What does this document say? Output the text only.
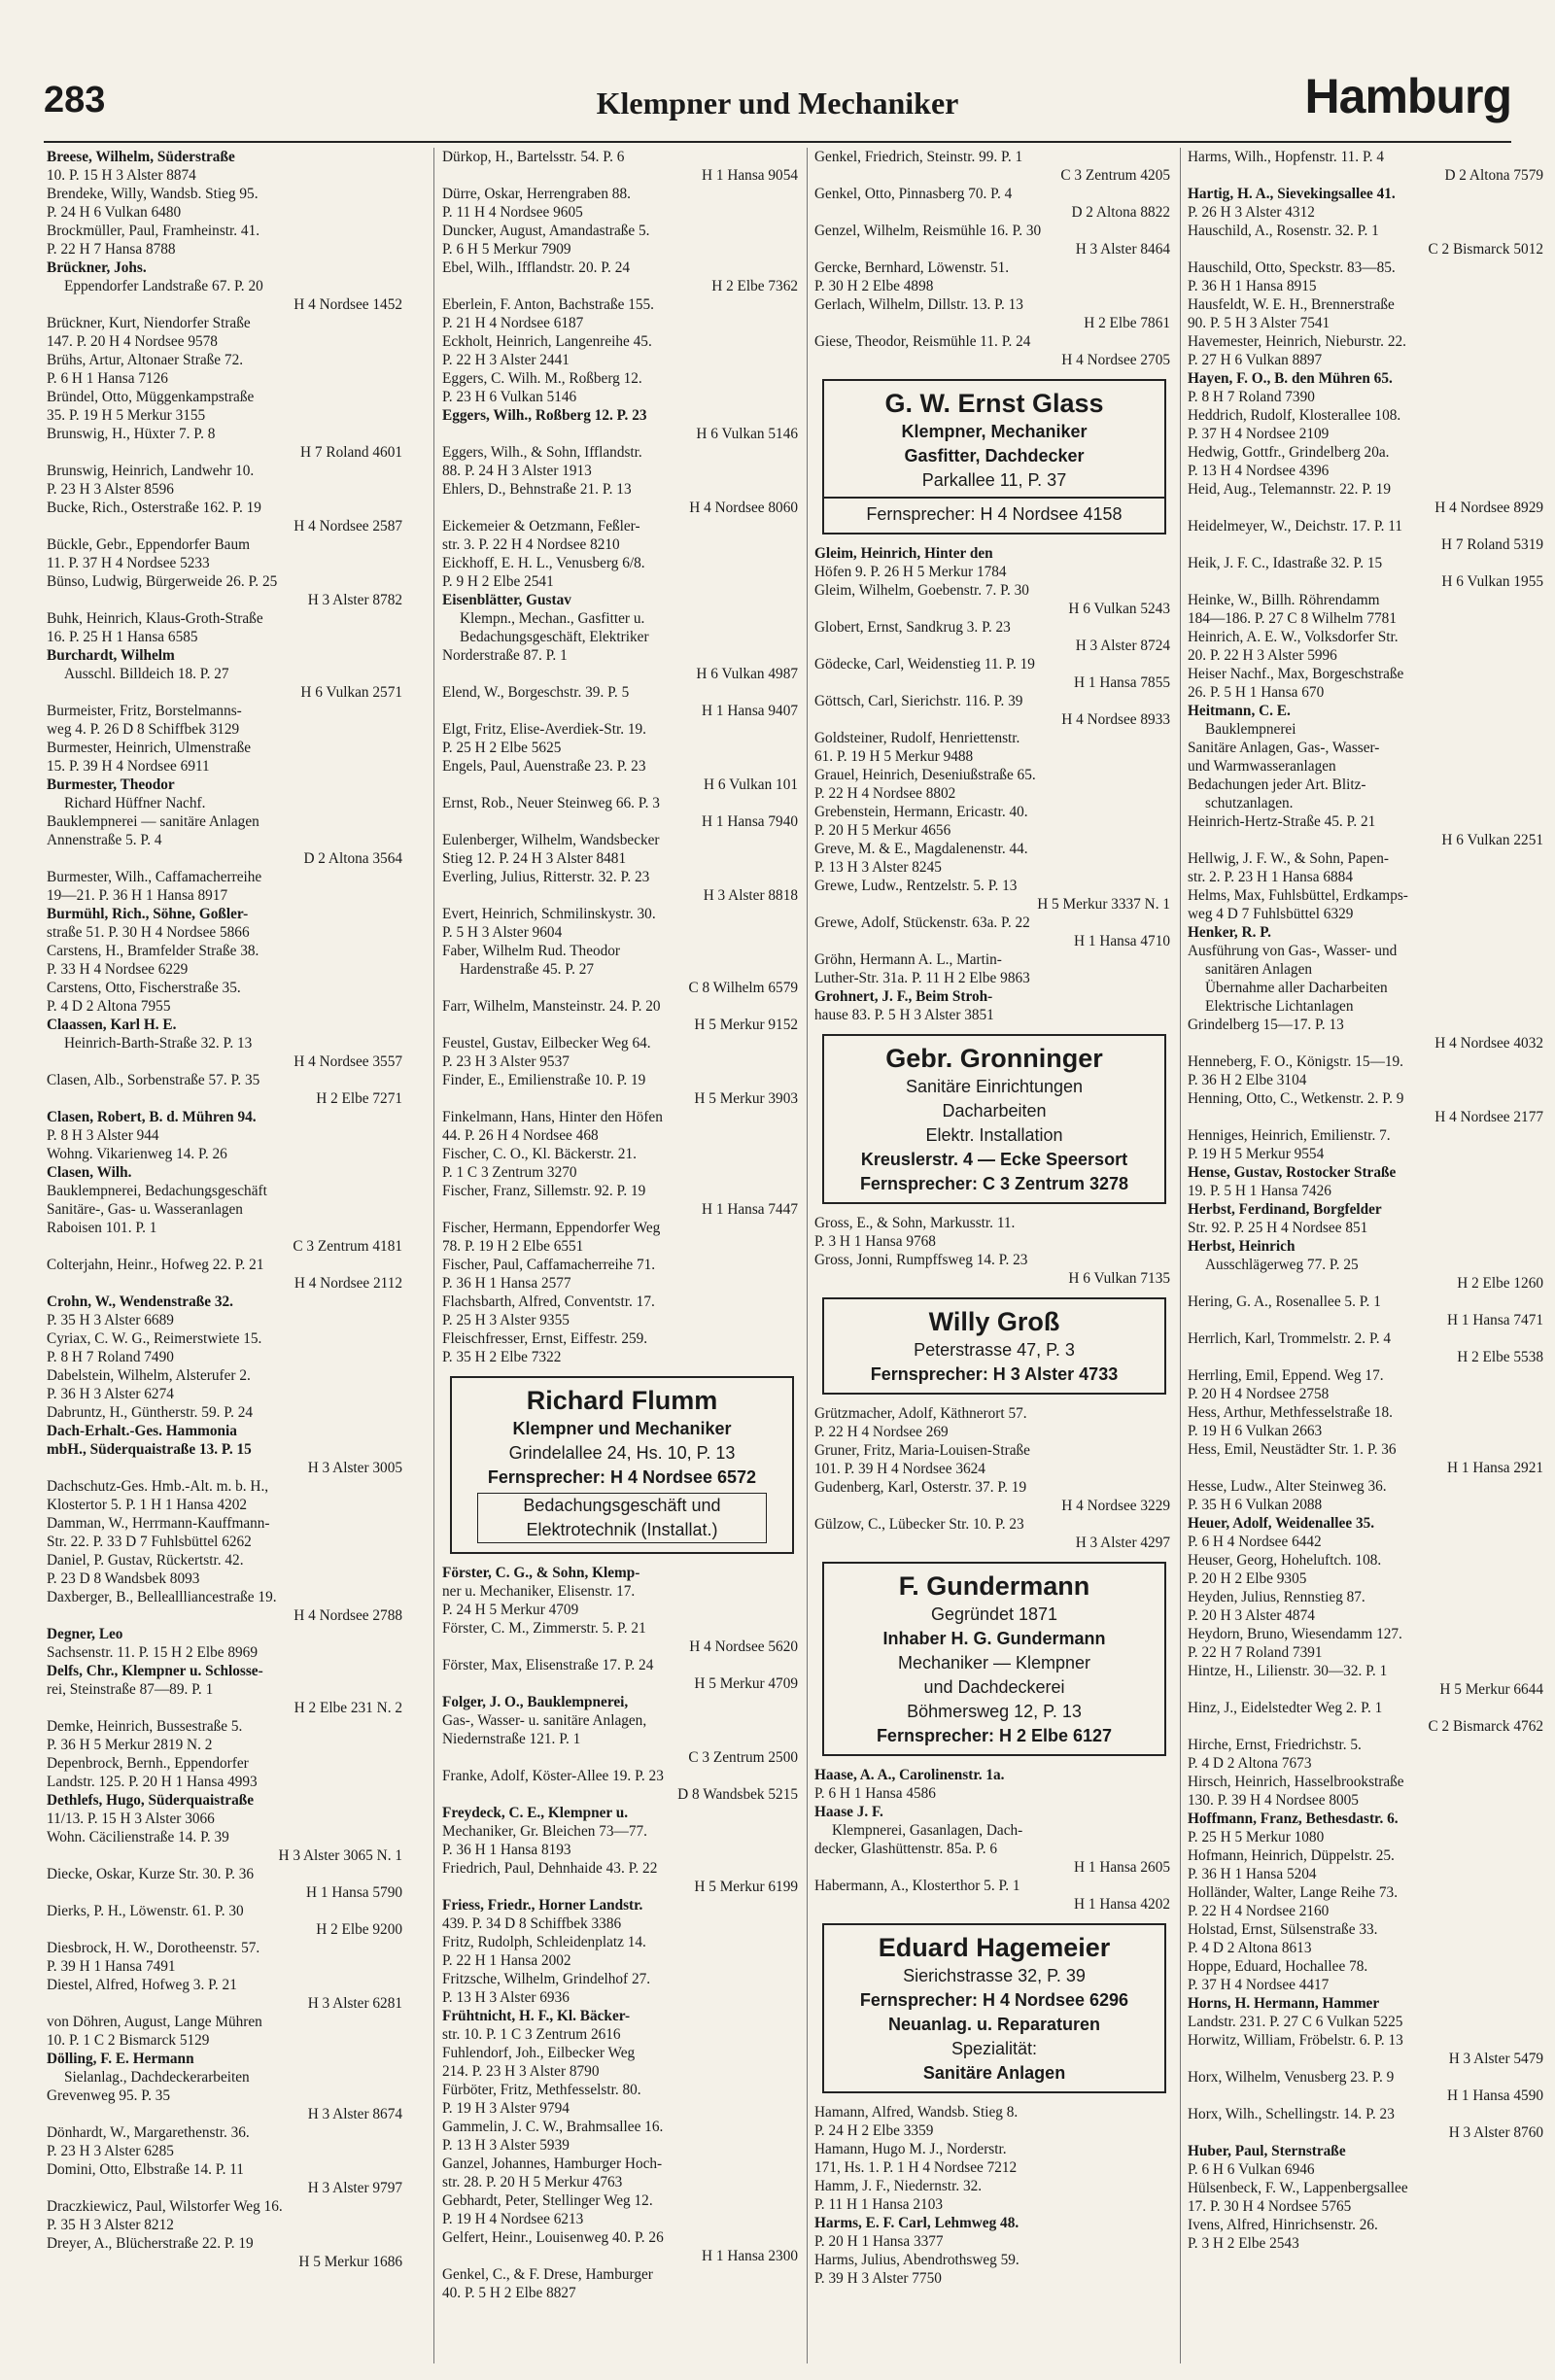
283	Klempner und Mechaniker	Hamburg
Breese, Wilhelm, Süderstraße
10. P. 15 H 3 Alster 8874
Brendeke, Willy, Wandsb. Stieg 95.
P. 24 H 6 Vulkan 6480
Brockmüller, Paul, Framheinstr. 41.
P. 22 H 7 Hansa 8788
Brückner, Johs.
Eppendorfer Landstraße 67. P. 20
H 4 Nordsee 1452
Brückner, Kurt, Niendorfer Straße
147. P. 20 H 4 Nordsee 9578
Brühs, Artur, Altonaer Straße 72.
P. 6 H 1 Hansa 7126
Bründel, Otto, Müggenkampstraße
35. P. 19 H 5 Merkur 3155
Brunswig, H., Hüxter 7. P. 8
H 7 Roland 4601
Brunswig, Heinrich, Landwehr 10.
P. 23 H 3 Alster 8596
Bucke, Rich., Osterstraße 162. P. 19
H 4 Nordsee 2587
Bückle, Gebr., Eppendorfer Baum
11. P. 37 H 4 Nordsee 5233
Bünso, Ludwig, Bürgerweide 26. P. 25
H 3 Alster 8782
Buhk, Heinrich, Klaus-Groth-Straße
16. P. 25 H 1 Hansa 6585
Burchardt, Wilhelm
Ausschl. Billdeich 18. P. 27
H 6 Vulkan 2571
Burmeister, Fritz, Borstelmanns-
weg 4. P. 26 D 8 Schiffbek 3129
Burmester, Heinrich, Ulmenstraße
15. P. 39 H 4 Nordsee 6911
Burmester, Theodor
Richard Hüffner Nachf.
Bauklempnerei — sanitäre Anlagen
Annenstraße 5. P. 4
D 2 Altona 3564
Burmester, Wilh., Caffamacherreihe
19—21. P. 36 H 1 Hansa 8917
Burmühl, Rich., Söhne, Goßler-
straße 51. P. 30 H 4 Nordsee 5866
Carstens, H., Bramfelder Straße 38.
P. 33 H 4 Nordsee 6229
Carstens, Otto, Fischerstraße 35.
P. 4 D 2 Altona 7955
Claassen, Karl H. E.
Heinrich-Barth-Straße 32. P. 13
H 4 Nordsee 3557
Clasen, Alb., Sorbenstraße 57. P. 35
H 2 Elbe 7271
Clasen, Robert, B. d. Mühren 94.
P. 8 H 3 Alster 944
Wohng. Vikarienweg 14. P. 26
Clasen, Wilh.
Bauklempnerei, Bedachungsgeschäft
Sanitäre-, Gas- u. Wasseranlagen
Raboisen 101. P. 1
C 3 Zentrum 4181
Colterjahn, Heinr., Hofweg 22. P. 21
H 4 Nordsee 2112
Crohn, W., Wendenstraße 32.
P. 35 H 3 Alster 6689
Cyriax, C. W. G., Reimerstwiete 15.
P. 8 H 7 Roland 7490
Dabelstein, Wilhelm, Alsterufer 2.
P. 36 H 3 Alster 6274
Dabruntz, H., Güntherstr. 59. P. 24
Dach-Erhalt.-Ges. Hammonia
mbH., Süderquaistraße 13. P. 15
H 3 Alster 3005
Dachschutz-Ges. Hmb.-Alt. m. b. H.,
Klostertor 5. P. 1 H 1 Hansa 4202
Damman, W., Herrmann-Kauffmann-
Str. 22. P. 33 D 7 Fuhlsbüttel 6262
Daniel, P. Gustav, Rückertstr. 42.
P. 23 D 8 Wandsbek 8093
Daxberger, B., Belleallliancestraße 19.
H 4 Nordsee 2788
Degner, Leo
Sachsenstr. 11. P. 15 H 2 Elbe 8969
Delfs, Chr., Klempner u. Schlosse-
rei, Steinstraße 87—89. P. 1
H 2 Elbe 231 N. 2
Demke, Heinrich, Bussestraße 5.
P. 36 H 5 Merkur 2819 N. 2
Depenbrock, Bernh., Eppendorfer
Landstr. 125. P. 20 H 1 Hansa 4993
Dethlefs, Hugo, Süderquaistraße
11/13. P. 15 H 3 Alster 3066
Wohn. Cäcilienstraße 14. P. 39
H 3 Alster 3065 N. 1
Diecke, Oskar, Kurze Str. 30. P. 36
H 1 Hansa 5790
Dierks, P. H., Löwenstr. 61. P. 30
H 2 Elbe 9200
Diesbrock, H. W., Dorotheenstr. 57.
P. 39 H 1 Hansa 7491
Diestel, Alfred, Hofweg 3. P. 21
H 3 Alster 6281
von Döhren, August, Lange Mühren
10. P. 1 C 2 Bismarck 5129
Dölling, F. E. Hermann
Sielanlag., Dachdeckerarbeiten
Grevenweg 95. P. 35
H 3 Alster 8674
Dönhardt, W., Margarethenstr. 36.
P. 23 H 3 Alster 6285
Domini, Otto, Elbstraße 14. P. 11
H 3 Alster 9797
Draczkiewicz, Paul, Wilstorfer Weg 16.
P. 35 H 3 Alster 8212
Dreyer, A., Blücherstraße 22. P. 19
H 5 Merkur 1686
Dürkop, H., Bartelsstr. 54. P. 6
H 1 Hansa 9054
Dürre, Oskar, Herrengraben 88.
P. 11 H 4 Nordsee 9605
Duncker, August, Amandastraße 5.
P. 6 H 5 Merkur 7909
Ebel, Wilh., Ifflandstr. 20. P. 24
H 2 Elbe 7362
Eberlein, F. Anton, Bachstraße 155.
P. 21 H 4 Nordsee 6187
Eckholt, Heinrich, Langenreihe 45.
P. 22 H 3 Alster 2441
Eggers, C. Wilh. M., Roßberg 12.
P. 23 H 6 Vulkan 5146
Eggers, Wilh., Roßberg 12. P. 23
H 6 Vulkan 5146
Eggers, Wilh., & Sohn, Ifflandstr.
88. P. 24 H 3 Alster 1913
Ehlers, D., Behnstraße 21. P. 13
H 4 Nordsee 8060
Eickemeier & Oetzmann, Feßler-
str. 3. P. 22 H 4 Nordsee 8210
Eickhoff, E. H. L., Venusberg 6/8.
P. 9 H 2 Elbe 2541
Eisenblätter, Gustav
Klempn., Mechan., Gasfitter u.
Bedachungsgeschäft, Elektriker
Norderstraße 87. P. 1
H 6 Vulkan 4987
Elend, W., Borgeschstr. 39. P. 5
H 1 Hansa 9407
Elgt, Fritz, Elise-Averdiek-Str. 19.
P. 25 H 2 Elbe 5625
Engels, Paul, Auenstraße 23. P. 23
H 6 Vulkan 101
Ernst, Rob., Neuer Steinweg 66. P. 3
H 1 Hansa 7940
Eulenberger, Wilhelm, Wandsbecker
Stieg 12. P. 24 H 3 Alster 8481
Everling, Julius, Ritterstr. 32. P. 23
H 3 Alster 8818
Evert, Heinrich, Schmilinskystr. 30.
P. 5 H 3 Alster 9604
Faber, Wilhelm Rud. Theodor
Hardenstraße 45. P. 27
C 8 Wilhelm 6579
Farr, Wilhelm, Mansteinstr. 24. P. 20
H 5 Merkur 9152
Feustel, Gustav, Eilbecker Weg 64.
P. 23 H 3 Alster 9537
Finder, E., Emilienstraße 10. P. 19
H 5 Merkur 3903
Finkelmann, Hans, Hinter den Höfen
44. P. 26 H 4 Nordsee 468
Fischer, C. O., Kl. Bäckerstr. 21.
P. 1 C 3 Zentrum 3270
Fischer, Franz, Sillemstr. 92. P. 19
H 1 Hansa 7447
Fischer, Hermann, Eppendorfer Weg
78. P. 19 H 2 Elbe 6551
Fischer, Paul, Caffamacherreihe 71.
P. 36 H 1 Hansa 2577
Flachsbarth, Alfred, Conventstr. 17.
P. 25 H 3 Alster 9355
Fleischfresser, Ernst, Eiffestr. 259.
P. 35 H 2 Elbe 7322
Richard Flumm
Klempner und Mechaniker
Grindelallee 24, Hs. 10, P. 13
Fernsprecher: H 4 Nordsee 6572
Bedachungsgeschäft und
Elektrotechnik (Installat.)
Förster, C. G., & Sohn, Klemp-
ner u. Mechaniker, Elisenstr. 17.
P. 24 H 5 Merkur 4709
Förster, C. M., Zimmerstr. 5. P. 21
H 4 Nordsee 5620
Förster, Max, Elisenstraße 17. P. 24
H 5 Merkur 4709
Folger, J. O., Bauklempnerei,
Gas-, Wasser- u. sanitäre Anlagen,
Niedernstraße 121. P. 1
C 3 Zentrum 2500
Franke, Adolf, Köster-Allee 19. P. 23
D 8 Wandsbek 5215
Freydeck, C. E., Klempner u.
Mechaniker, Gr. Bleichen 73—77.
P. 36 H 1 Hansa 8193
Friedrich, Paul, Dehnhaide 43. P. 22
H 5 Merkur 6199
Friess, Friedr., Horner Landstr.
439. P. 34 D 8 Schiffbek 3386
Fritz, Rudolph, Schleidenplatz 14.
P. 22 H 1 Hansa 2002
Fritzsche, Wilhelm, Grindelhof 27.
P. 13 H 3 Alster 6936
Frühtnicht, H. F., Kl. Bäcker-
str. 10. P. 1 C 3 Zentrum 2616
Fuhlendorf, Joh., Eilbecker Weg
214. P. 23 H 3 Alster 8790
Fürböter, Fritz, Methfesselstr. 80.
P. 19 H 3 Alster 9794
Gammelin, J. C. W., Brahmsallee 16.
P. 13 H 3 Alster 5939
Ganzel, Johannes, Hamburger Hoch-
str. 28. P. 20 H 5 Merkur 4763
Gebhardt, Peter, Stellinger Weg 12.
P. 19 H 4 Nordsee 6213
Gelfert, Heinr., Louisenweg 40. P. 26
H 1 Hansa 2300
Genkel, C., & F. Drese, Hamburger
40. P. 5 H 2 Elbe 8827
Genkel, Friedrich, Steinstr. 99. P. 1
C 3 Zentrum 4205
Genkel, Otto, Pinnasberg 70. P. 4
D 2 Altona 8822
Genzel, Wilhelm, Reismühle 16. P. 30
H 3 Alster 8464
Gercke, Bernhard, Löwenstr. 51.
P. 30 H 2 Elbe 4898
Gerlach, Wilhelm, Dillstr. 13. P. 13
H 2 Elbe 7861
Giese, Theodor, Reismühle 11. P. 24
H 4 Nordsee 2705
G. W. Ernst Glass
Klempner, Mechaniker
Gasfitter, Dachdecker
Parkallee 11, P. 37
Fernsprecher: H 4 Nordsee 4158
Gleim, Heinrich, Hinter den
Höfen 9. P. 26 H 5 Merkur 1784
Gleim, Wilhelm, Goebenstr. 7. P. 30
H 6 Vulkan 5243
Globert, Ernst, Sandkrug 3. P. 23
H 3 Alster 8724
Gödecke, Carl, Weidenstieg 11. P. 19
H 1 Hansa 7855
Göttsch, Carl, Sierichstr. 116. P. 39
H 4 Nordsee 8933
Goldsteiner, Rudolf, Henriettenstr.
61. P. 19 H 5 Merkur 9488
Grauel, Heinrich, Deseniußstraße 65.
P. 22 H 4 Nordsee 8802
Grebenstein, Hermann, Ericastr. 40.
P. 20 H 5 Merkur 4656
Greve, M. & E., Magdalenenstr. 44.
P. 13 H 3 Alster 8245
Grewe, Ludw., Rentzelstr. 5. P. 13
H 5 Merkur 3337 N. 1
Grewe, Adolf, Stückenstr. 63a. P. 22
H 1 Hansa 4710
Gröhn, Hermann A. L., Martin-
Luther-Str. 31a. P. 11 H 2 Elbe 9863
Grohnert, J. F., Beim Stroh-
hause 83. P. 5 H 3 Alster 3851
Gebr. Gronninger
Sanitäre Einrichtungen
Dacharbeiten
Elektr. Installation
Kreuslerstr. 4 — Ecke Speersort
Fernsprecher: C 3 Zentrum 3278
Gross, E., & Sohn, Markusstr. 11.
P. 3 H 1 Hansa 9768
Gross, Jonni, Rumpffsweg 14. P. 23
H 6 Vulkan 7135
Willy Groß
Peterstrasse 47, P. 3
Fernsprecher: H 3 Alster 4733
Grützmacher, Adolf, Käthnerort 57.
P. 22 H 4 Nordsee 269
Gruner, Fritz, Maria-Louisen-Straße
101. P. 39 H 4 Nordsee 3624
Gudenberg, Karl, Osterstr. 37. P. 19
H 4 Nordsee 3229
Gülzow, C., Lübecker Str. 10. P. 23
H 3 Alster 4297
F. Gundermann
Gegründet 1871
Inhaber H. G. Gundermann
Mechaniker — Klempner
und Dachdeckerei
Böhmersweg 12, P. 13
Fernsprecher: H 2 Elbe 6127
Haase, A. A., Carolinenstr. 1a.
P. 6 H 1 Hansa 4586
Haase J. F.
Klempnerei, Gasanlagen, Dach-
decker, Glashüttenstr. 85a. P. 6
H 1 Hansa 2605
Habermann, A., Klosterthor 5. P. 1
H 1 Hansa 4202
Eduard Hagemeier
Sierichstrasse 32, P. 39
Fernsprecher: H 4 Nordsee 6296
Neuanlag. u. Reparaturen
Spezialität:
Sanitäre Anlagen
Hamann, Alfred, Wandsb. Stieg 8.
P. 24 H 2 Elbe 3359
Hamann, Hugo M. J., Norderstr.
171, Hs. 1. P. 1 H 4 Nordsee 7212
Hamm, J. F., Niedernstr. 32.
P. 11 H 1 Hansa 2103
Harms, E. F. Carl, Lehmweg 48.
P. 20 H 1 Hansa 3377
Harms, Julius, Abendrothsweg 59.
P. 39 H 3 Alster 7750
Harms, Wilh., Hopfenstr. 11. P. 4
D 2 Altona 7579
Hartig, H. A., Sievekingsallee 41.
P. 26 H 3 Alster 4312
Hauschild, A., Rosenstr. 32. P. 1
C 2 Bismarck 5012
Hauschild, Otto, Speckstr. 83—85.
P. 36 H 1 Hansa 8915
Hausfeldt, W. E. H., Brennerstraße
90. P. 5 H 3 Alster 7541
Havemester, Heinrich, Nieburstr. 22.
P. 27 H 6 Vulkan 8897
Hayen, F. O., B. den Mühren 65.
P. 8 H 7 Roland 7390
Heddrich, Rudolf, Klosterallee 108.
P. 37 H 4 Nordsee 2109
Hedwig, Gottfr., Grindelberg 20a.
P. 13 H 4 Nordsee 4396
Heid, Aug., Telemannstr. 22. P. 19
H 4 Nordsee 8929
Heidelmeyer, W., Deichstr. 17. P. 11
H 7 Roland 5319
Heik, J. F. C., Idastraße 32. P. 15
H 6 Vulkan 1955
Heinke, W., Billh. Röhrendamm
184—186. P. 27 C 8 Wilhelm 7781
Heinrich, A. E. W., Volksdorfer Str.
20. P. 22 H 3 Alster 5996
Heiser Nachf., Max, Borgeschstraße
26. P. 5 H 1 Hansa 670
Heitmann, C. E.
Bauklempnerei
Sanitäre Anlagen, Gas-, Wasser-
und Warmwasseranlagen
Bedachungen jeder Art. Blitz-
schutzanlagen.
Heinrich-Hertz-Straße 45. P. 21
H 6 Vulkan 2251
Hellwig, J. F. W., & Sohn, Papen-
str. 2. P. 23 H 1 Hansa 6884
Helms, Max, Fuhlsbüttel, Erdkamps-
weg 4 D 7 Fuhlsbüttel 6329
Henker, R. P.
Ausführung von Gas-, Wasser- und
sanitären Anlagen
Übernahme aller Dacharbeiten
Elektrische Lichtanlagen
Grindelberg 15—17. P. 13
H 4 Nordsee 4032
Henneberg, F. O., Königstr. 15—19.
P. 36 H 2 Elbe 3104
Henning, Otto, C., Wetkenstr. 2. P. 9
H 4 Nordsee 2177
Henniges, Heinrich, Emilienstr. 7.
P. 19 H 5 Merkur 9554
Hense, Gustav, Rostocker Straße
19. P. 5 H 1 Hansa 7426
Herbst, Ferdinand, Borgfelder
Str. 92. P. 25 H 4 Nordsee 851
Herbst, Heinrich
Ausschlägerweg 77. P. 25
H 2 Elbe 1260
Hering, G. A., Rosenallee 5. P. 1
H 1 Hansa 7471
Herrlich, Karl, Trommelstr. 2. P. 4
H 2 Elbe 5538
Herrling, Emil, Eppend. Weg 17.
P. 20 H 4 Nordsee 2758
Hess, Arthur, Methfesselstraße 18.
P. 19 H 6 Vulkan 2663
Hess, Emil, Neustädter Str. 1. P. 36
H 1 Hansa 2921
Hesse, Ludw., Alter Steinweg 36.
P. 35 H 6 Vulkan 2088
Heuer, Adolf, Weidenallee 35.
P. 6 H 4 Nordsee 6442
Heuser, Georg, Hoheluftch. 108.
P. 20 H 2 Elbe 9305
Heyden, Julius, Rennstieg 87.
P. 20 H 3 Alster 4874
Heydorn, Bruno, Wiesendamm 127.
P. 22 H 7 Roland 7391
Hintze, H., Lilienstr. 30—32. P. 1
H 5 Merkur 6644
Hinz, J., Eidelstedter Weg 2. P. 1
C 2 Bismarck 4762
Hirche, Ernst, Friedrichstr. 5.
P. 4 D 2 Altona 7673
Hirsch, Heinrich, Hasselbrookstraße
130. P. 39 H 4 Nordsee 8005
Hoffmann, Franz, Bethesdastr. 6.
P. 25 H 5 Merkur 1080
Hofmann, Heinrich, Düppelstr. 25.
P. 36 H 1 Hansa 5204
Holländer, Walter, Lange Reihe 73.
P. 22 H 4 Nordsee 2160
Holstad, Ernst, Sülsenstraße 33.
P. 4 D 2 Altona 8613
Hoppe, Eduard, Hochallee 78.
P. 37 H 4 Nordsee 4417
Horns, H. Hermann, Hammer
Landstr. 231. P. 27 C 6 Vulkan 5225
Horwitz, William, Fröbelstr. 6. P. 13
H 3 Alster 5479
Horx, Wilhelm, Venusberg 23. P. 9
H 1 Hansa 4590
Horx, Wilh., Schellingstr. 14. P. 23
H 3 Alster 8760
Huber, Paul, Sternstraße
P. 6 H 6 Vulkan 6946
Hülsenbeck, F. W., Lappenbergsallee
17. P. 30 H 4 Nordsee 5765
Ivens, Alfred, Hinrichsenstr. 26.
P. 3 H 2 Elbe 2543
